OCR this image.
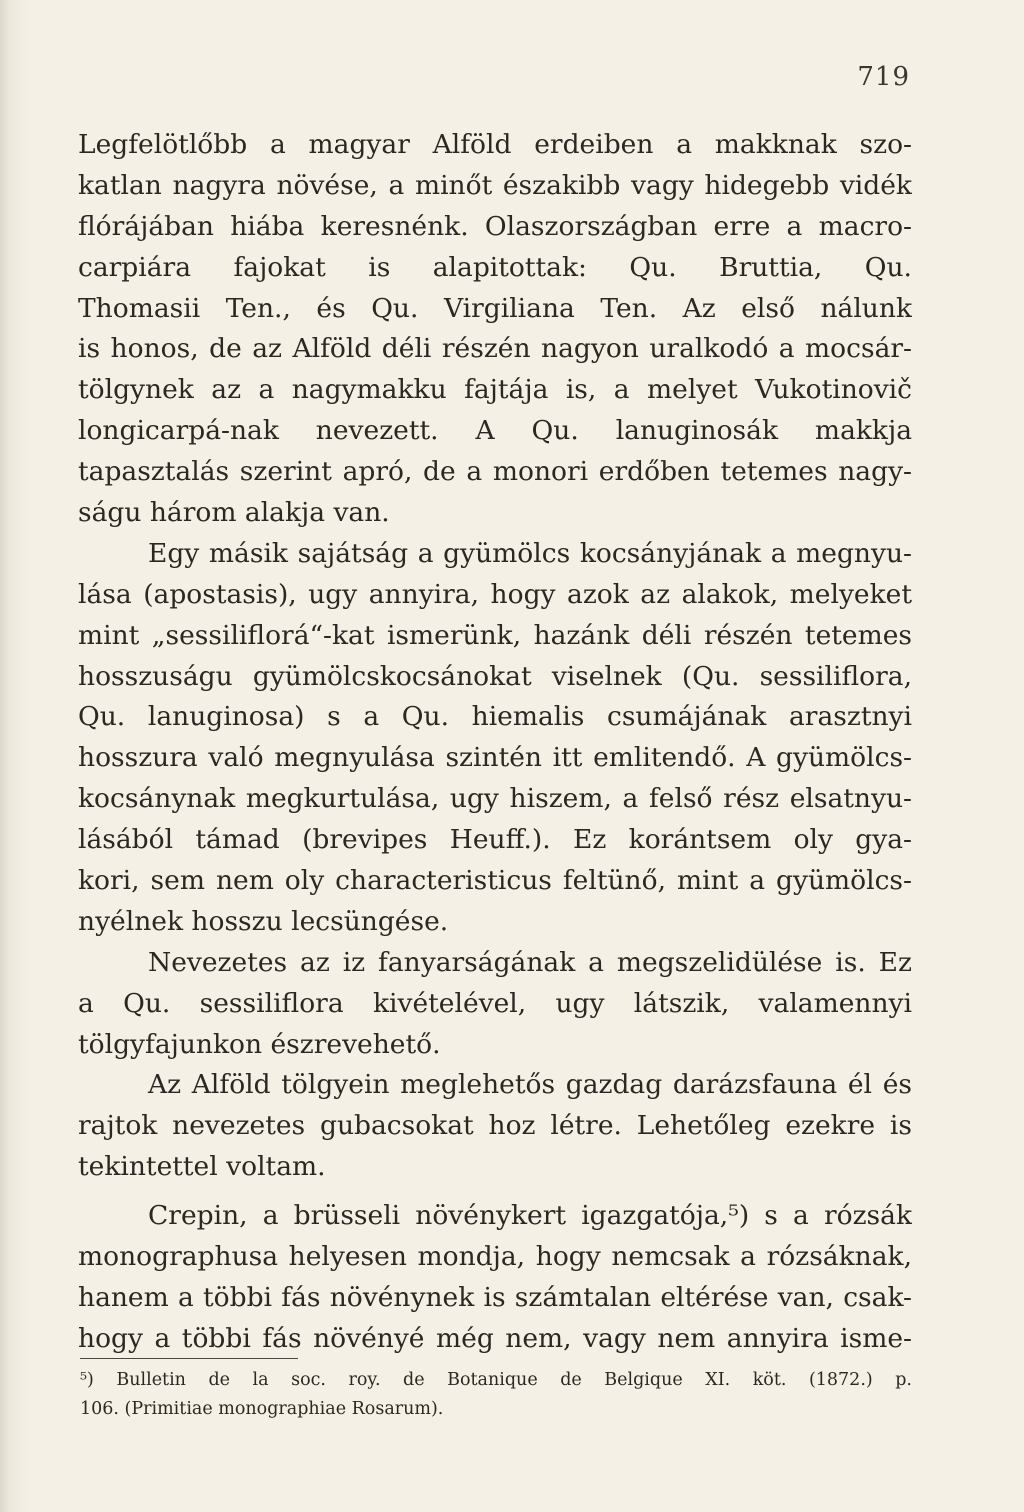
719
Legfelötlőbb a magyar Alföld erdeiben a makknak szo-
katlan nagyra növése, a minőt északibb vagy hidegebb vidék
flórájában hiába keresnénk. Olaszországban erre a macro-
carpiára fajokat is alapitottak: Qu. Bruttia, Qu.
Thomasii Ten., és Qu. Virgiliana Ten. Az első nálunk
is honos, de az Alföld déli részén nagyon uralkodó a mocsár-
tölgynek az a nagymakku fajtája is, a melyet Vukotinovič
longicarpá-nak nevezett. A Qu. lanuginosák makkja
tapasztalás szerint apró, de a monori erdőben tetemes nagy-
ságu három alakja van.
Egy másik sajátság a gyümölcs kocsányjának a megnyu-
lása (apostasis), ugy annyira, hogy azok az alakok, melyeket
mint „sessiliflorá“-kat ismerünk, hazánk déli részén tetemes
hosszuságu gyümölcskocsánokat viselnek (Qu. sessiliflora,
Qu. lanuginosa) s a Qu. hiemalis csumájának arasztnyi
hosszura való megnyulása szintén itt emlitendő. A gyümölcs-
kocsánynak megkurtulása, ugy hiszem, a felső rész elsatnyu-
lásából támad (brevipes Heuff.). Ez korántsem oly gya-
kori, sem nem oly characteristicus feltünő, mint a gyümölcs-
nyélnek hosszu lecsüngése.
Nevezetes az iz fanyarságának a megszelidülése is. Ez
a Qu. sessiliflora kivételével, ugy látszik, valamennyi
tölgyfajunkon észrevehető.
Az Alföld tölgyein meglehetős gazdag darázsfauna él és
rajtok nevezetes gubacsokat hoz létre. Lehetőleg ezekre is
tekintettel voltam.
Crepin, a brüsseli növénykert igazgatója,⁵) s a rózsák
monographusa helyesen mondja, hogy nemcsak a rózsáknak,
hanem a többi fás növénynek is számtalan eltérése van, csak-
hogy a többi fás növényé még nem, vagy nem annyira isme-
⁵) Bulletin de la soc. roy. de Botanique de Belgique XI. köt. (1872.) p.
106. (Primitiae monographiae Rosarum).
